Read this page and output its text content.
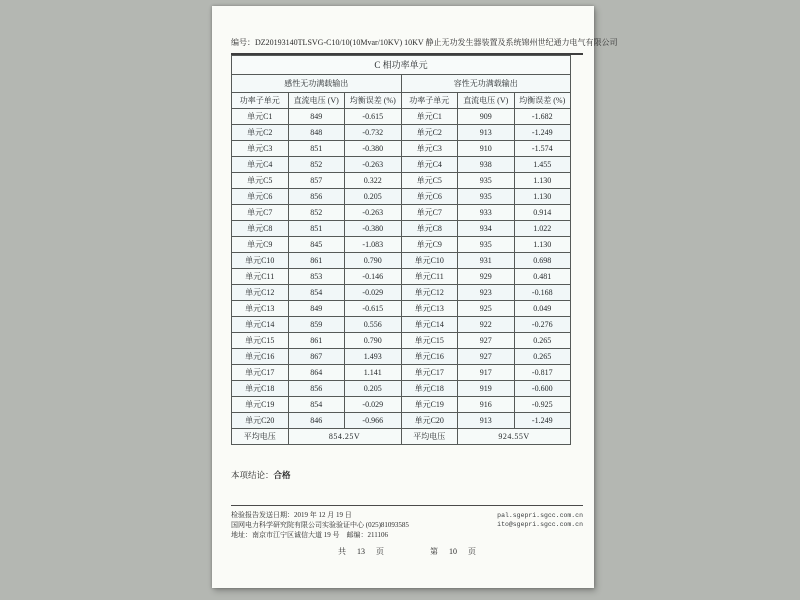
编号：DZ20193140 TLSVG-C10/10(10Mvar/10KV) 10KV 静止无功发生器装置及系统 锦州世纪通力电气有限公司
C 相功率单元					
感性无功满载输出			容性无功满载输出		
功率子单元	直流电压 (V)	均衡误差 (%)	功率子单元	直流电压 (V)	均衡误差 (%)
单元C1	849	-0.615	单元C1	909	-1.682
单元C2	848	-0.732	单元C2	913	-1.249
单元C3	851	-0.380	单元C3	910	-1.574
单元C4	852	-0.263	单元C4	938	1.455
单元C5	857	0.322	单元C5	935	1.130
单元C6	856	0.205	单元C6	935	1.130
单元C7	852	-0.263	单元C7	933	0.914
单元C8	851	-0.380	单元C8	934	1.022
单元C9	845	-1.083	单元C9	935	1.130
单元C10	861	0.790	单元C10	931	0.698
单元C11	853	-0.146	单元C11	929	0.481
单元C12	854	-0.029	单元C12	923	-0.168
单元C13	849	-0.615	单元C13	925	0.049
单元C14	859	0.556	单元C14	922	-0.276
单元C15	861	0.790	单元C15	927	0.265
单元C16	867	1.493	单元C16	927	0.265
单元C17	864	1.141	单元C17	917	-0.817
单元C18	856	0.205	单元C18	919	-0.600
单元C19	854	-0.029	单元C19	916	-0.925
单元C20	846	-0.966	单元C20	913	-1.249
平均电压	854.25V		平均电压	924.55V	
本项结论：合格
检验报告发送日期：2019 年 12 月 19 日
国网电力科学研究院有限公司实验验证中心 (025)81093585
地址：南京市江宁区诚信大道 19 号　邮编：211106
pal.sgepri.sgcc.com.cn
ito@sgepri.sgcc.com.cn
共 13 页	第 10 页
